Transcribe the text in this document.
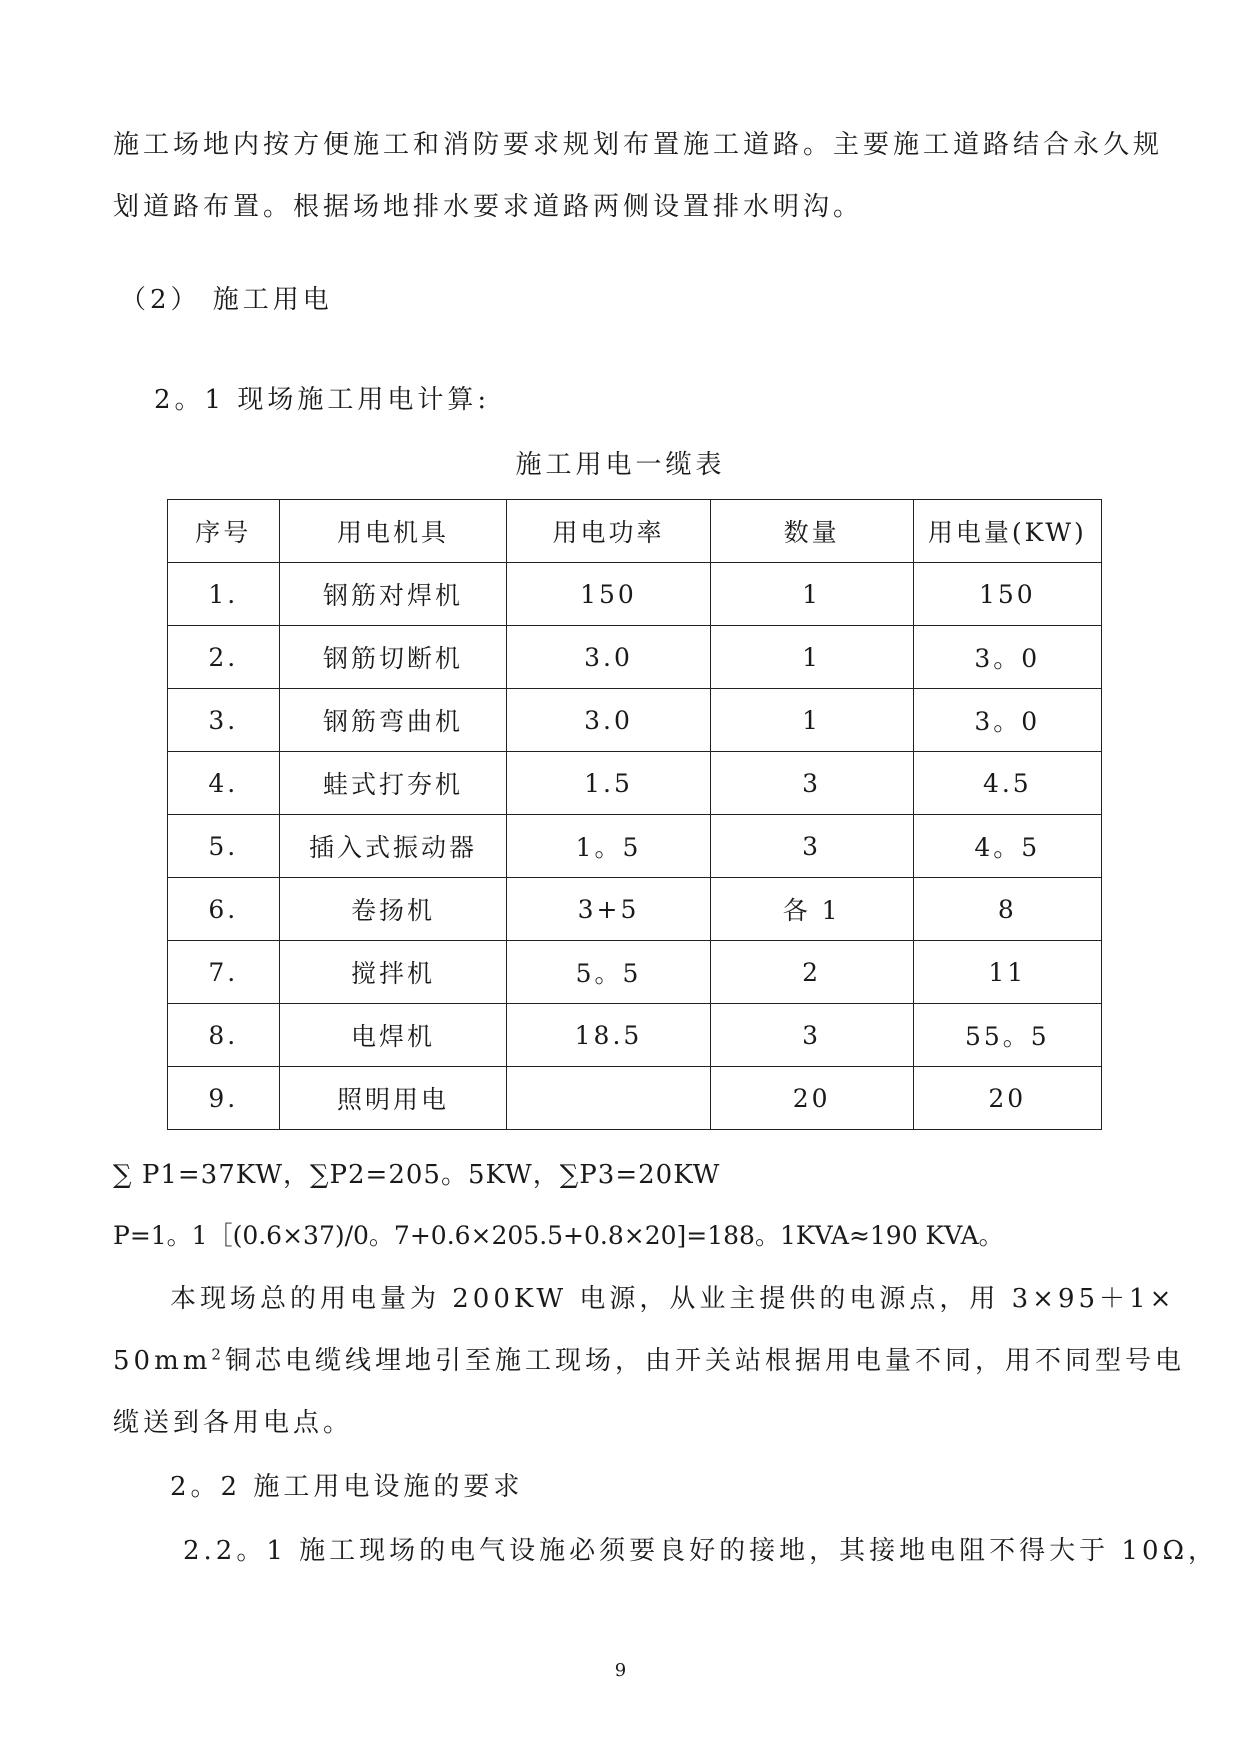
施工场地内按方便施工和消防要求规划布置施工道路。主要施工道路结合永久规

划道路布置。根据场地排水要求道路两侧设置排水明沟。

（2） 施工用电

2。1 现场施工用电计算:

施工用电一缆表
序号	用电机具	用电功率	数量	用电量(KW)
1.	钢筋对焊机	150	1	150
2.	钢筋切断机	3.0	1	3。0
3.	钢筋弯曲机	3.0	1	3。0
4.	蛙式打夯机	1.5	3	4.5
5.	插入式振动器	1。5	3	4。5
6.	卷扬机	3+5	各 1	8
7.	搅拌机	5。5	2	11
8.	电焊机	18.5	3	55。5
9.	照明用电		20	20

∑ P1=37KW，∑P2=205。5KW，∑P3=20KW

P=1。1［(0.6×37)/0。7+0.6×205.5+0.8×20]=188。1KVA≈190 KVA。

本现场总的用电量为 200KW 电源，从业主提供的电源点，用 3×95＋1×

$50mm^2$铜芯电缆线埋地引至施工现场，由开关站根据用电量不同，用不同型号电

缆送到各用电点。

2。2 施工用电设施的要求

2.2。1 施工现场的电气设施必须要良好的接地，其接地电阻不得大于 10Ω，

9
